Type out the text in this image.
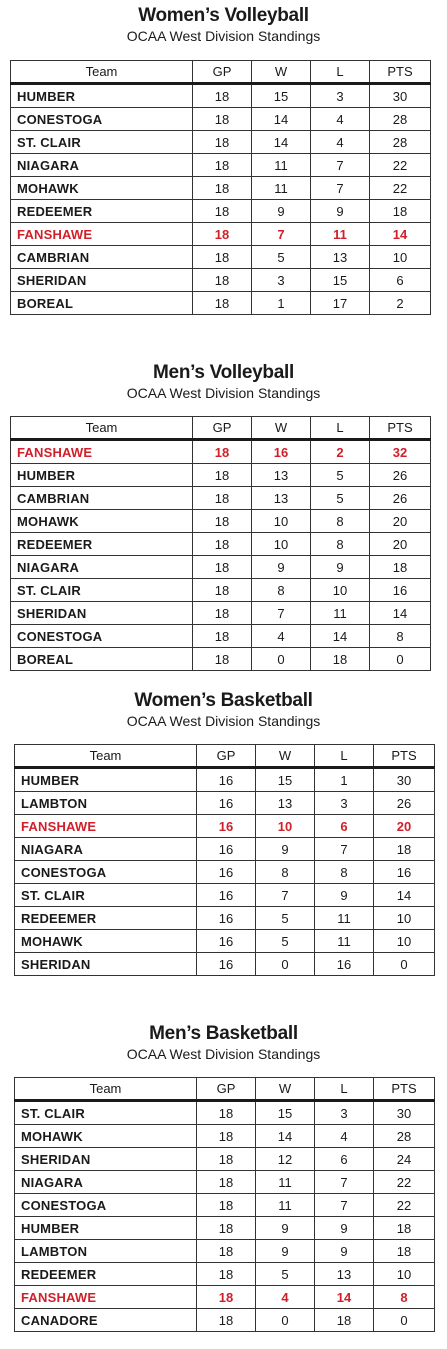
Women’s Volleyball
OCAA West Division Standings
Team	GP	W	L	PTS
HUMBER	18	15	3	30
CONESTOGA	18	14	4	28
ST. CLAIR	18	14	4	28
NIAGARA	18	11	7	22
MOHAWK	18	11	7	22
REDEEMER	18	9	9	18
FANSHAWE	18	7	11	14
CAMBRIAN	18	5	13	10
SHERIDAN	18	3	15	6
BOREAL	18	1	17	2
Men’s Volleyball
OCAA West Division Standings
Team	GP	W	L	PTS
FANSHAWE	18	16	2	32
HUMBER	18	13	5	26
CAMBRIAN	18	13	5	26
MOHAWK	18	10	8	20
REDEEMER	18	10	8	20
NIAGARA	18	9	9	18
ST. CLAIR	18	8	10	16
SHERIDAN	18	7	11	14
CONESTOGA	18	4	14	8
BOREAL	18	0	18	0
Women’s Basketball
OCAA West Division Standings
Team	GP	W	L	PTS
HUMBER	16	15	1	30
LAMBTON	16	13	3	26
FANSHAWE	16	10	6	20
NIAGARA	16	9	7	18
CONESTOGA	16	8	8	16
ST. CLAIR	16	7	9	14
REDEEMER	16	5	11	10
MOHAWK	16	5	11	10
SHERIDAN	16	0	16	0
Men’s Basketball
OCAA West Division Standings
Team	GP	W	L	PTS
ST. CLAIR	18	15	3	30
MOHAWK	18	14	4	28
SHERIDAN	18	12	6	24
NIAGARA	18	11	7	22
CONESTOGA	18	11	7	22
HUMBER	18	9	9	18
LAMBTON	18	9	9	18
REDEEMER	18	5	13	10
FANSHAWE	18	4	14	8
CANADORE	18	0	18	0
